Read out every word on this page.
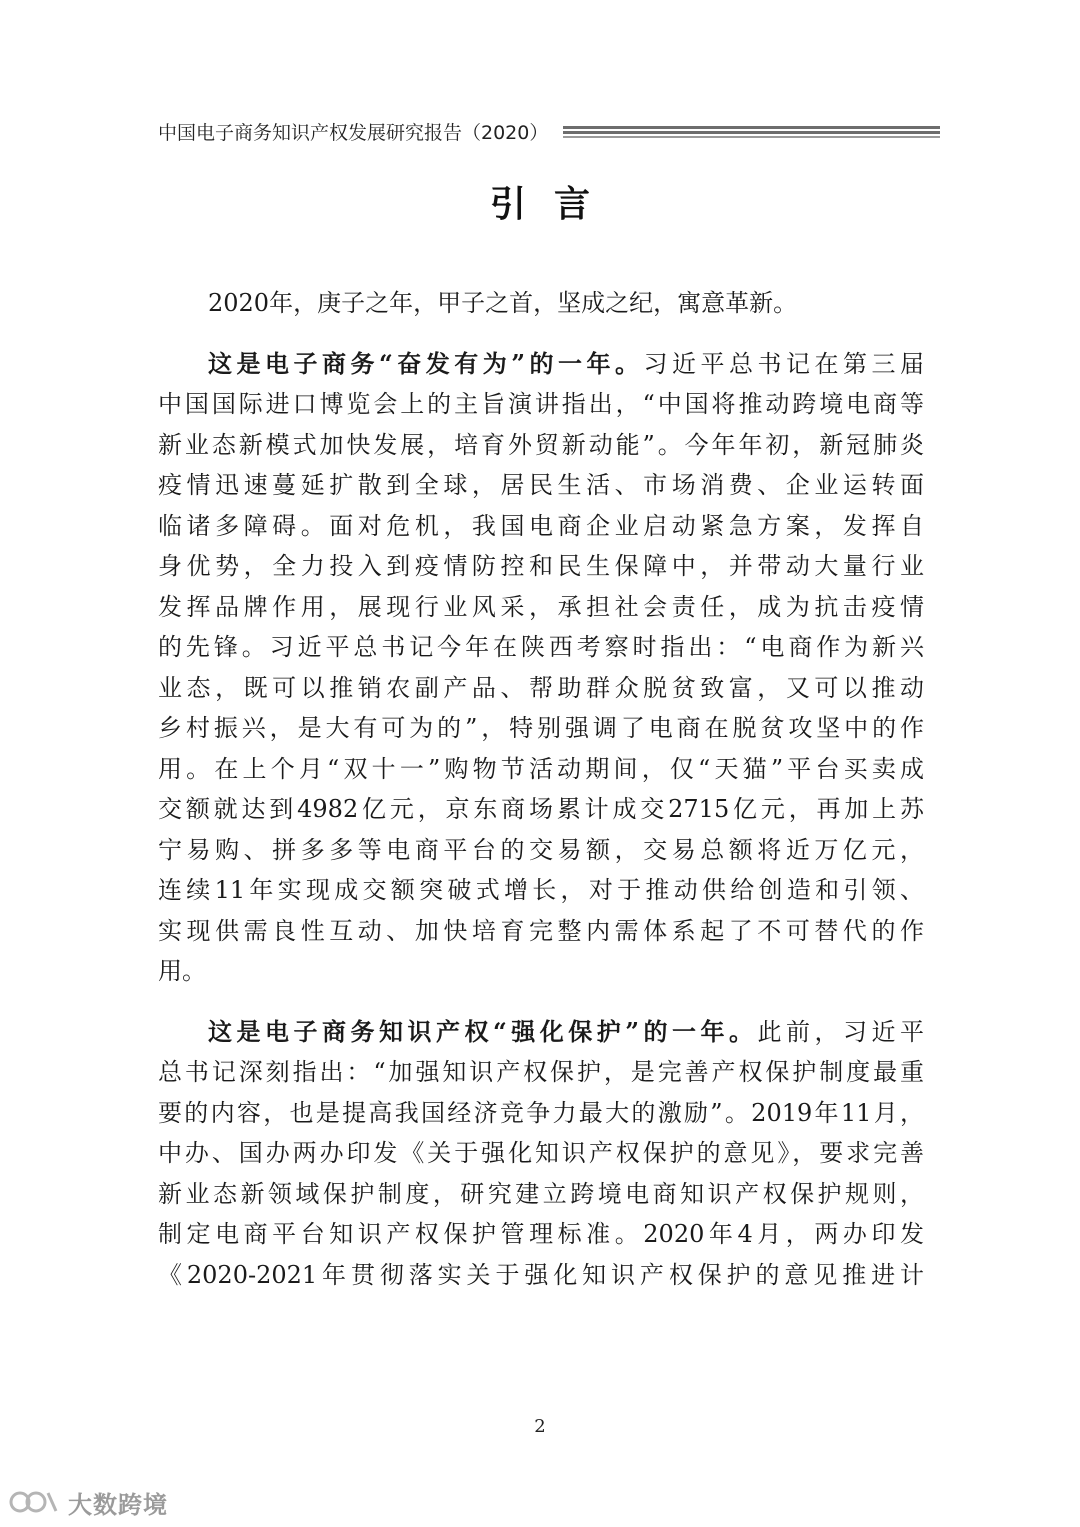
中国电子商务知识产权发展研究报告（2020）
引言
2020年，庚子之年，甲子之首，坚成之纪，寓意革新。
这是电子商务“奋发有为”的一年。习近平总书记在第三届
中国国际进口博览会上的主旨演讲指出，“中国将推动跨境电商等
新业态新模式加快发展，培育外贸新动能”。今年年初，新冠肺炎
疫情迅速蔓延扩散到全球，居民生活、市场消费、企业运转面
临诸多障碍。面对危机，我国电商企业启动紧急方案，发挥自
身优势，全力投入到疫情防控和民生保障中，并带动大量行业
发挥品牌作用，展现行业风采，承担社会责任，成为抗击疫情
的先锋。习近平总书记今年在陕西考察时指出：“电商作为新兴
业态，既可以推销农副产品、帮助群众脱贫致富，又可以推动
乡村振兴，是大有可为的”，特别强调了电商在脱贫攻坚中的作
用。在上个月“双十一”购物节活动期间，仅“天猫”平台买卖成
交额就达到4982亿元，京东商场累计成交2715亿元，再加上苏
宁易购、拼多多等电商平台的交易额，交易总额将近万亿元，
连续11年实现成交额突破式增长，对于推动供给创造和引领、
实现供需良性互动、加快培育完整内需体系起了不可替代的作
用。
这是电子商务知识产权“强化保护”的一年。此前，习近平
总书记深刻指出：“加强知识产权保护，是完善产权保护制度最重
要的内容，也是提高我国经济竞争力最大的激励”。2019年11月，
中办、国办两办印发《关于强化知识产权保护的意见》，要求完善
新业态新领域保护制度，研究建立跨境电商知识产权保护规则，
制定电商平台知识产权保护管理标准。2020年4月，两办印发
《2020-2021年贯彻落实关于强化知识产权保护的意见推进计
2
大数跨境
